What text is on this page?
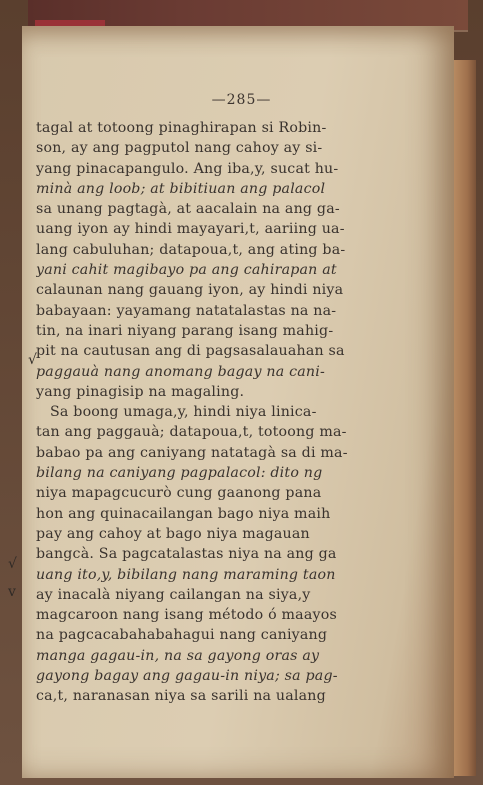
—285—
√
√
v
tagal at totoong pinaghirapan si Robin-
son, ay ang pagputol nang cahoy ay si-
yang pinacapangulo. Ang iba,y, sucat hu-
minà ang loob; at bibitiuan ang palacol
sa unang pagtagà, at aacalain na ang ga-
uang iyon ay hindi mayayari,t, aariing ua-
lang cabuluhan; datapoua,t, ang ating ba-
yani cahit magibayo pa ang cahirapan at
calaunan nang gauang iyon, ay hindi niya
babayaan: yayamang natatalastas na na-
tin, na inari niyang parang isang mahig-
pit na cautusan ang di pagsasalauahan sa
paggauà nang anomang bagay na cani-
yang pinagisip na magaling.
Sa boong umaga,y, hindi niya linica-
tan ang paggauà; datapoua,t, totoong ma-
babao pa ang caniyang natatagà sa di ma-
bilang na caniyang pagpalacol: dito ng
niya mapagcucurò cung gaanong pana
hon ang quinacailangan bago niya maih
pay ang cahoy at bago niya magauan
bangcà. Sa pagcatalastas niya na ang ga
uang ito,y, bibilang nang maraming taon
ay inacalà niyang cailangan na siya,y
magcaroon nang isang método ó maayos
na pagcacabahabahagui nang caniyang
manga gagau-in, na sa gayong oras ay
gayong bagay ang gagau-in niya; sa pag-
ca,t, naranasan niya sa sarili na ualang
